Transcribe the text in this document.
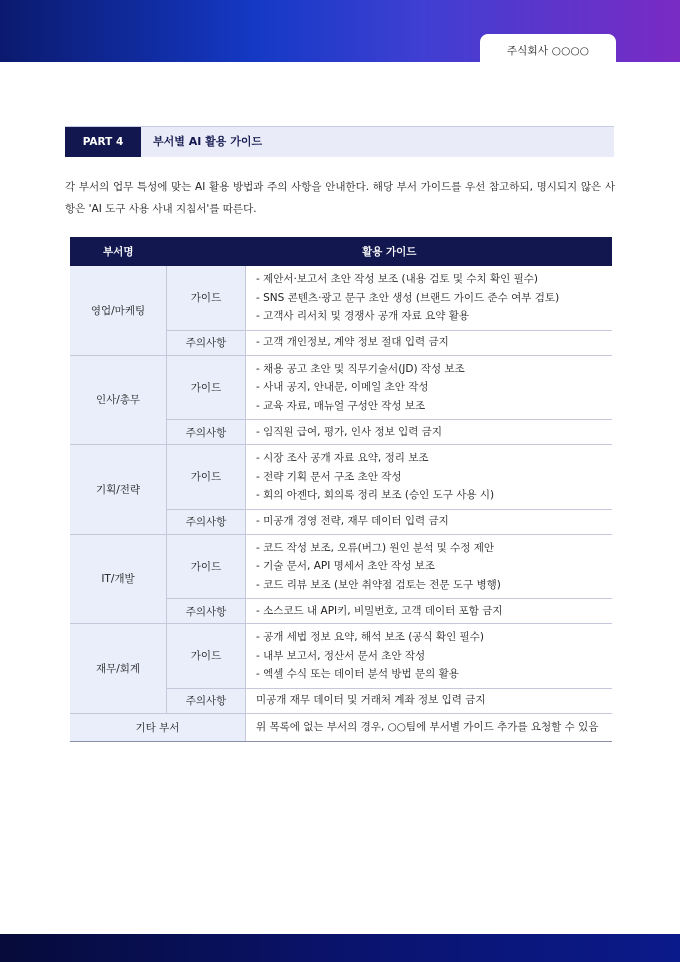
주식회사 ○○○○
PART 4	부서별 AI 활용 가이드
각 부서의 업무 특성에 맞는 AI 활용 방법과 주의 사항을 안내한다. 해당 부서 가이드를 우선 참고하되, 명시되지 않은 사항은 'AI 도구 사용 사내 지침서'를 따른다.
부서명	활용 가이드	
영업/마케팅	가이드	- 제안서·보고서 초안 작성 보조 (내용 검토 및 수치 확인 필수)
- SNS 콘텐츠·광고 문구 초안 생성 (브랜드 가이드 준수 여부 검토)
- 고객사 리서치 및 경쟁사 공개 자료 요약 활용

	주의사항	- 고객 개인정보, 계약 정보 절대 입력 금지
인사/총무	가이드	- 채용 공고 초안 및 직무기술서(JD) 작성 보조
- 사내 공지, 안내문, 이메일 초안 작성
- 교육 자료, 매뉴얼 구성안 작성 보조

	주의사항	- 임직원 급여, 평가, 인사 정보 입력 금지
기획/전략	가이드	- 시장 조사 공개 자료 요약, 정리 보조
- 전략 기획 문서 구조 초안 작성
- 회의 아젠다, 회의록 정리 보조 (승인 도구 사용 시)

	주의사항	- 미공개 경영 전략, 재무 데이터 입력 금지
IT/개발	가이드	- 코드 작성 보조, 오류(버그) 원인 분석 및 수정 제안
- 기술 문서, API 명세서 초안 작성 보조
- 코드 리뷰 보조 (보안 취약점 검토는 전문 도구 병행)

	주의사항	- 소스코드 내 API키, 비밀번호, 고객 데이터 포함 금지
재무/회계	가이드	- 공개 세법 정보 요약, 해석 보조 (공식 확인 필수)
- 내부 보고서, 정산서 문서 초안 작성
- 엑셀 수식 또는 데이터 분석 방법 문의 활용

	주의사항	미공개 재무 데이터 및 거래처 계좌 정보 입력 금지
기타 부서		위 목록에 없는 부서의 경우, ○○팀에 부서별 가이드 추가를 요청할 수 있음
